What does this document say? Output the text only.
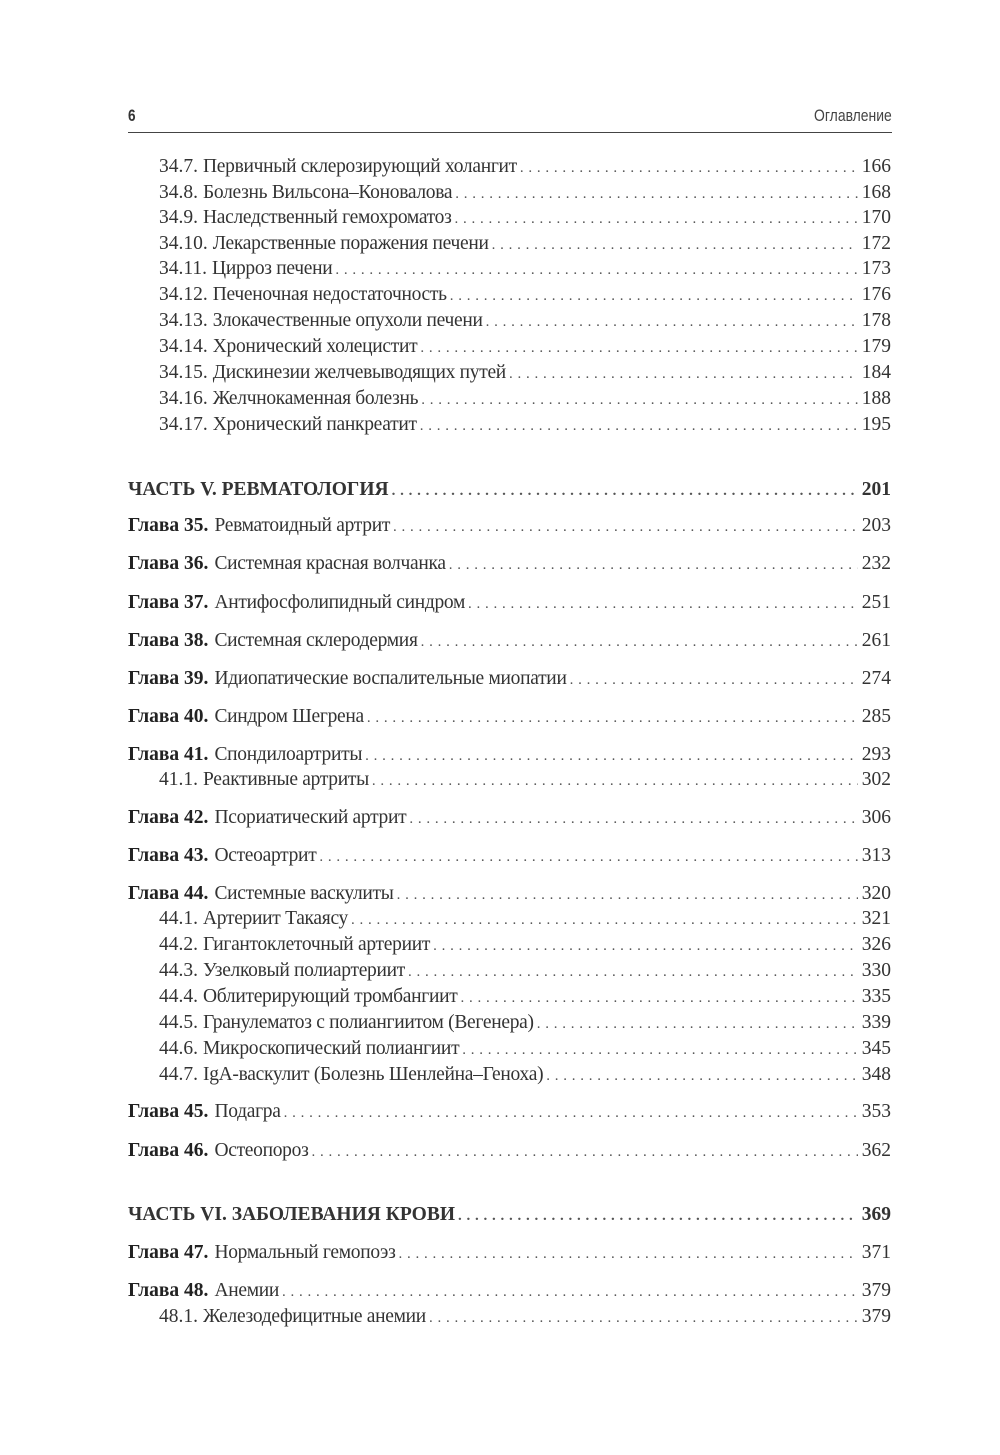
6	Оглавление
34.7. Первичный склерозирующий холангит . . .	166
34.8. Болезнь Вильсона–Коновалова . . .	168
34.9. Наследственный гемохроматоз . . .	170
34.10. Лекарственные поражения печени . . .	172
34.11. Цирроз печени . . .	173
34.12. Печеночная недостаточность . . .	176
34.13. Злокачественные опухоли печени . . .	178
34.14. Хронический холецистит . . .	179
34.15. Дискинезии желчевыводящих путей . . .	184
34.16. Желчнокаменная болезнь . . .	188
34.17. Хронический панкреатит . . .	195
ЧАСТЬ V. РЕВМАТОЛОГИЯ . . .	201
Глава 35. Ревматоидный артрит . . .	203
Глава 36. Системная красная волчанка . . .	232
Глава 37. Антифосфолипидный синдром . . .	251
Глава 38. Системная склеродермия . . .	261
Глава 39. Идиопатические воспалительные миопатии . . .	274
Глава 40. Синдром Шегрена . . .	285
Глава 41. Спондилоартриты . . .	293
41.1. Реактивные артриты . . .	302
Глава 42. Псориатический артрит . . .	306
Глава 43. Остеоартрит . . .	313
Глава 44. Системные васкулиты . . .	320
44.1. Артериит Такаясу . . .	321
44.2. Гигантоклеточный артериит . . .	326
44.3. Узелковый полиартериит . . .	330
44.4. Облитерирующий тромбангиит . . .	335
44.5. Гранулематоз с полиангиитом (Вегенера) . . .	339
44.6. Микроскопический полиангиит . . .	345
44.7. IgA-васкулит (Болезнь Шенлейна–Геноха) . . .	348
Глава 45. Подагра . . .	353
Глава 46. Остеопороз . . .	362
ЧАСТЬ VI. ЗАБОЛЕВАНИЯ КРОВИ . . .	369
Глава 47. Нормальный гемопоэз . . .	371
Глава 48. Анемии . . .	379
48.1. Железодефицитные анемии . . .	379
